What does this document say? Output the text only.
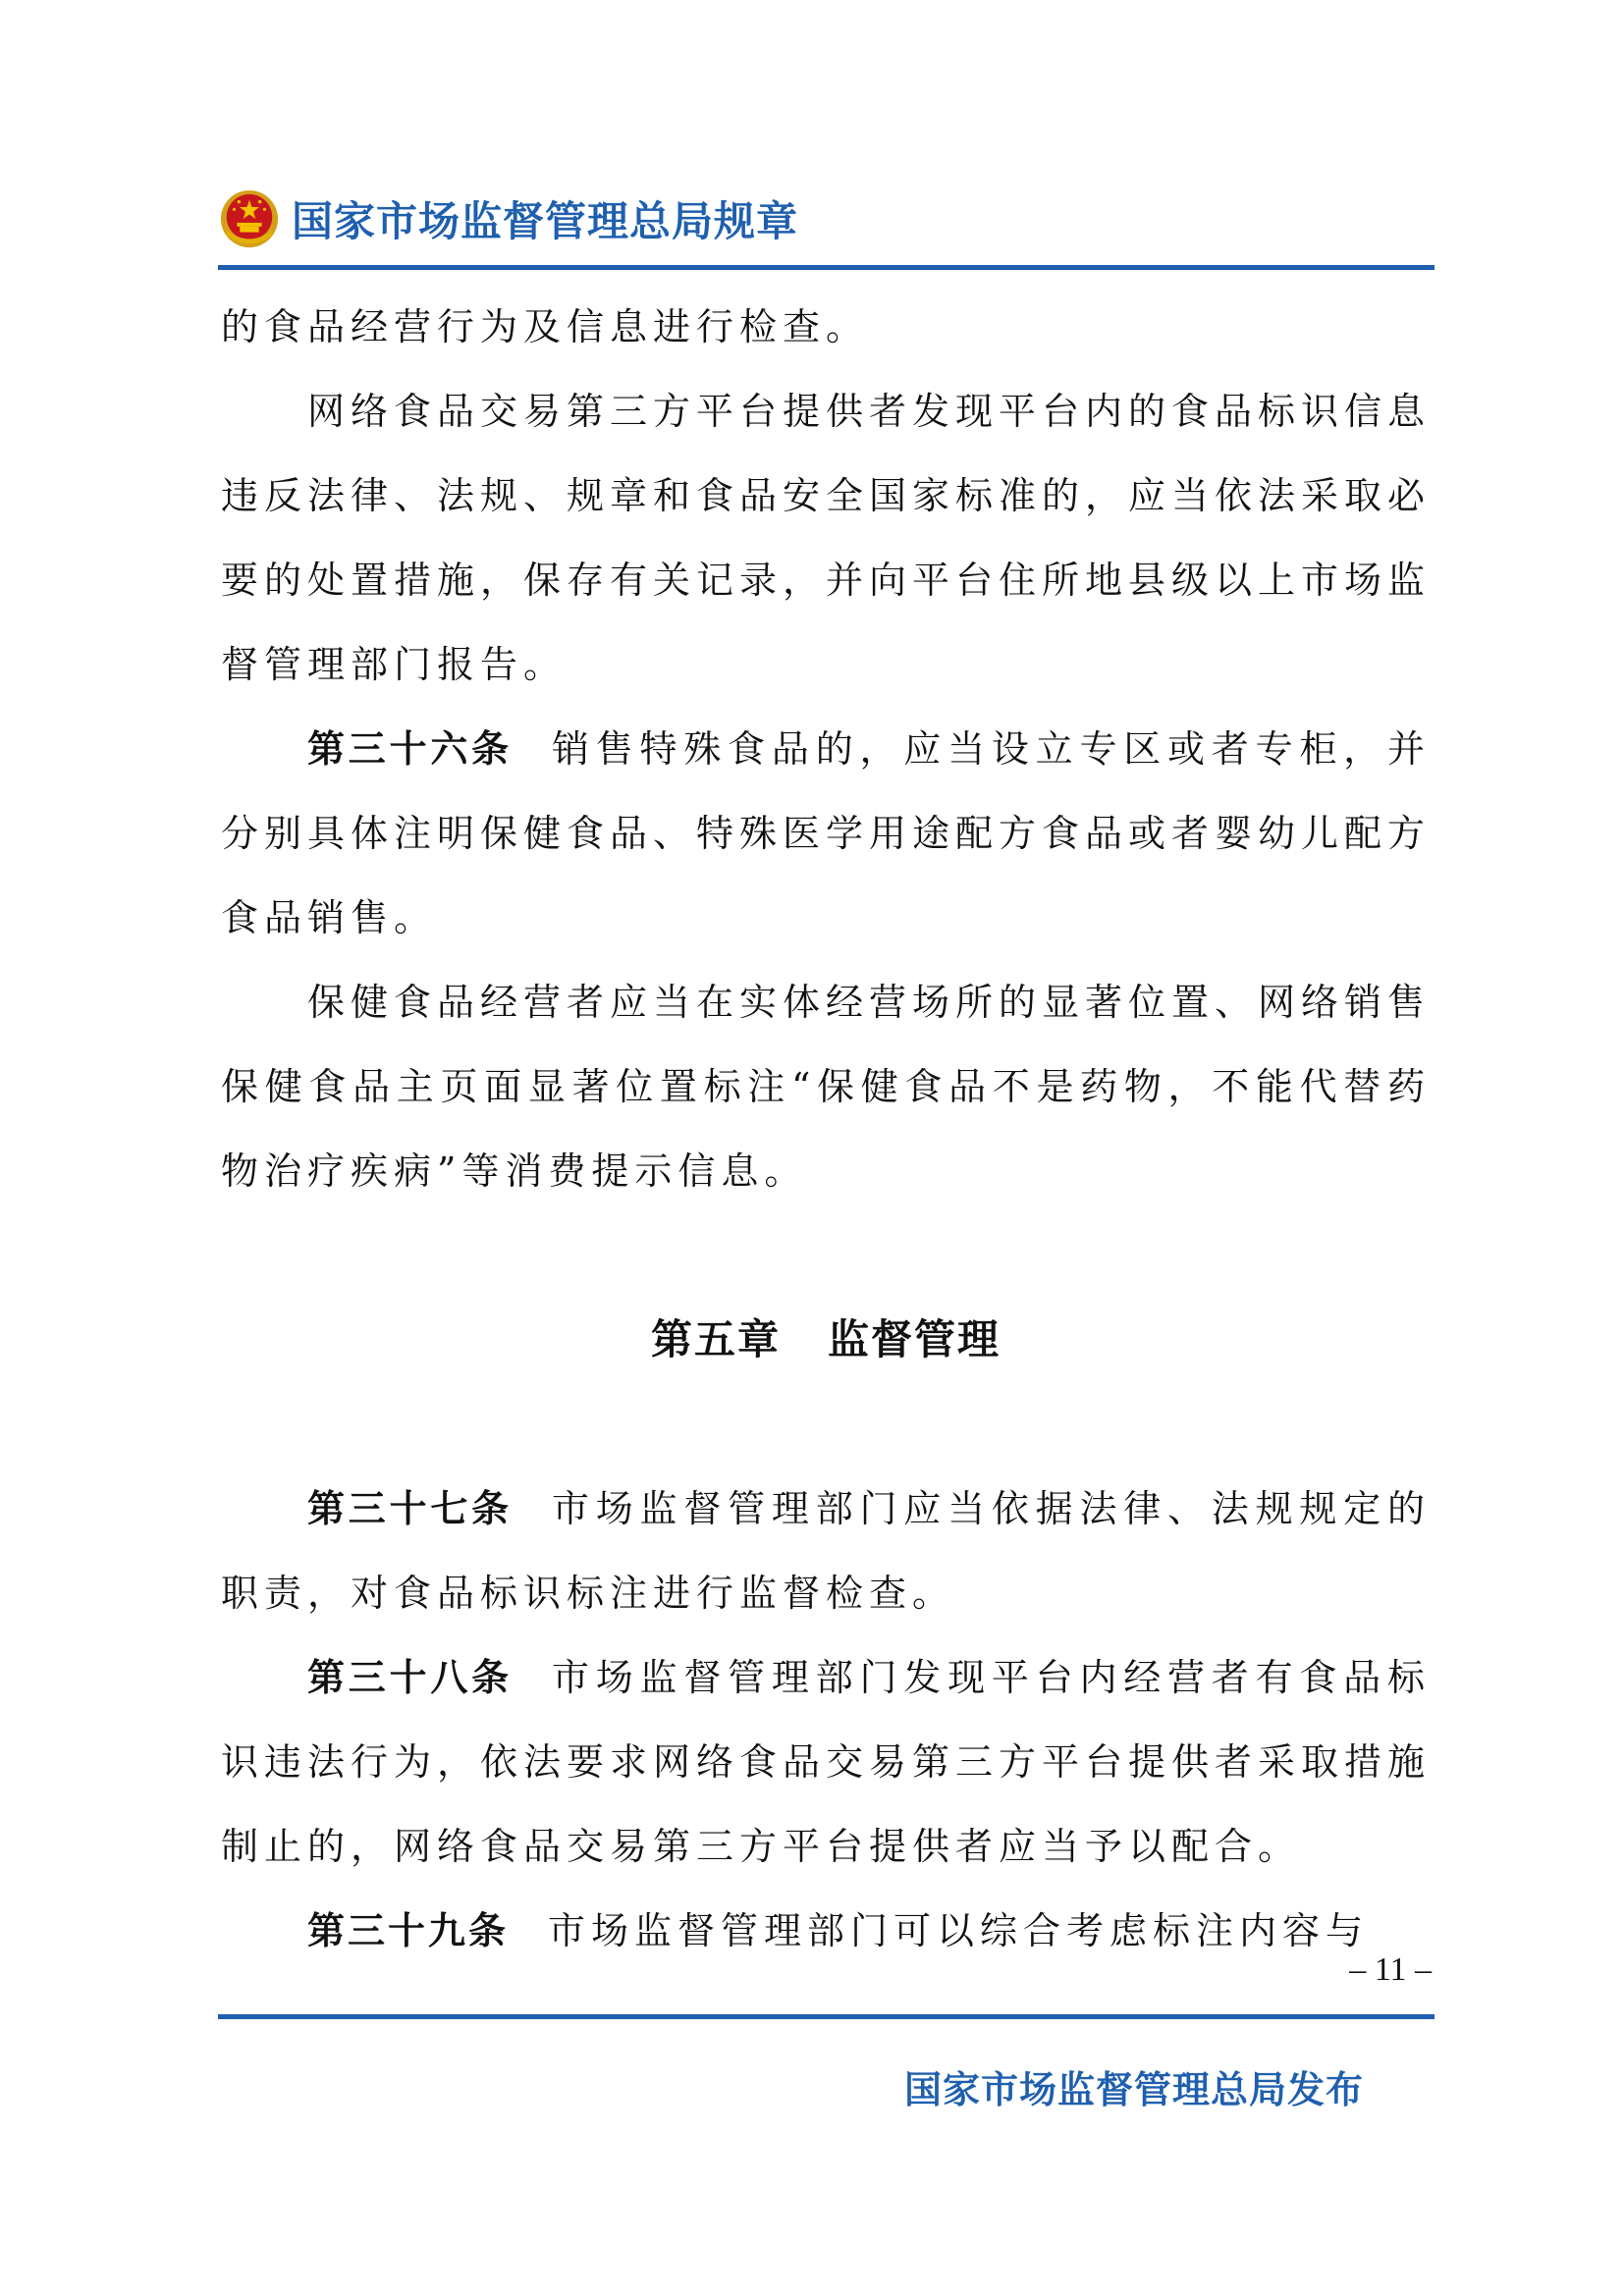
国家市场监督管理总局规章

的食品经营行为及信息进行检查。

网络食品交易第三方平台提供者发现平台内的食品标识信息违反法律、法规、规章和食品安全国家标准的，应当依法采取必要的处置措施，保存有关记录，并向平台住所地县级以上市场监督管理部门报告。

第三十六条 销售特殊食品的，应当设立专区或者专柜，并分别具体注明保健食品、特殊医学用途配方食品或者婴幼儿配方食品销售。

保健食品经营者应当在实体经营场所的显著位置、网络销售保健食品主页面显著位置标注“保健食品不是药物，不能代替药物治疗疾病”等消费提示信息。

第五章 监督管理

第三十七条 市场监督管理部门应当依据法律、法规规定的职责，对食品标识标注进行监督检查。

第三十八条 市场监督管理部门发现平台内经营者有食品标识违法行为，依法要求网络食品交易第三方平台提供者采取措施制止的，网络食品交易第三方平台提供者应当予以配合。

第三十九条 市场监督管理部门可以综合考虑标注内容与

– 11 –
国家市场监督管理总局发布
